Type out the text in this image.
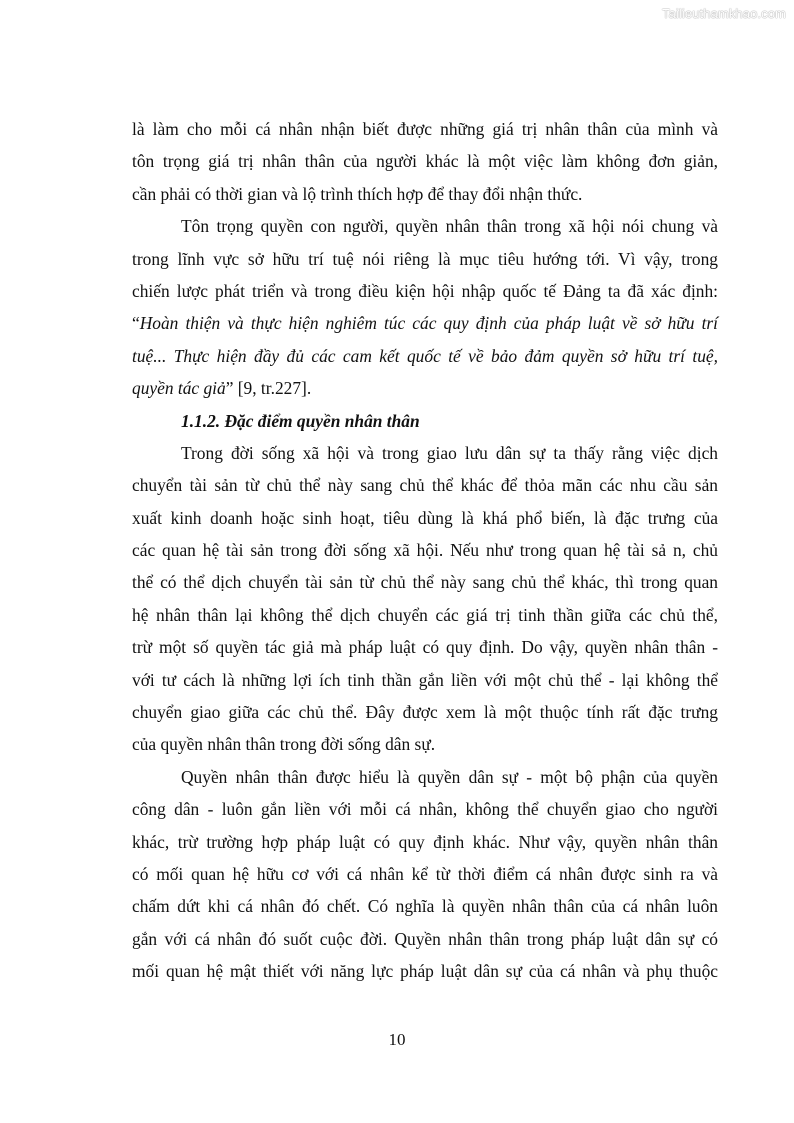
Tailieuthamkhao.com
là làm cho mỗi cá nhân nhận biết được những giá trị nhân thân của mình và
tôn trọng giá trị nhân thân của người khác là một việc làm không đơn giản,
cần phải có thời gian và lộ trình thích hợp để thay đổi nhận thức.
Tôn trọng quyền con người, quyền nhân thân trong xã hội nói chung và
trong lĩnh vực sở hữu trí tuệ nói riêng là mục tiêu hướng tới. Vì vậy, trong
chiến lược phát triển và trong điều kiện hội nhập quốc tế Đảng ta đã xác định:
“Hoàn thiện và thực hiện nghiêm túc các quy định của pháp luật về sở hữu trí
tuệ... Thực hiện đầy đủ các cam kết quốc tế về bảo đảm quyền sở hữu trí tuệ,
quyền tác giả” [9, tr.227].
1.1.2. Đặc điểm quyền nhân thân
Trong đời sống xã hội và trong giao lưu dân sự ta thấy rằng việc dịch
chuyển tài sản từ chủ thể này sang chủ thể khác để thỏa mãn các nhu cầu sản
xuất kinh doanh hoặc sinh hoạt, tiêu dùng là khá phổ biến, là đặc trưng của
các quan hệ tài sản trong đời sống xã hội. Nếu như trong quan hệ tài sả n, chủ
thể có thể dịch chuyển tài sản từ chủ thể này sang chủ thể khác, thì trong quan
hệ nhân thân lại không thể dịch chuyển các giá trị tinh thần giữa các chủ thể,
trừ một số quyền tác giả mà pháp luật có quy định. Do vậy, quyền nhân thân -
với tư cách là những lợi ích tinh thần gắn liền với một chủ thể - lại không thể
chuyển giao giữa các chủ thể. Đây được xem là một thuộc tính rất đặc trưng
của quyền nhân thân trong đời sống dân sự.
Quyền nhân thân được hiểu là quyền dân sự - một bộ phận của quyền
công dân - luôn gắn liền với mỗi cá nhân, không thể chuyển giao cho người
khác, trừ trường hợp pháp luật có quy định khác. Như vậy, quyền nhân thân
có mối quan hệ hữu cơ với cá nhân kể từ thời điểm cá nhân được sinh ra và
chấm dứt khi cá nhân đó chết. Có nghĩa là quyền nhân thân của cá nhân luôn
gắn với cá nhân đó suốt cuộc đời. Quyền nhân thân trong pháp luật dân sự có
mối quan hệ mật thiết với năng lực pháp luật dân sự của cá nhân và phụ thuộc
10
